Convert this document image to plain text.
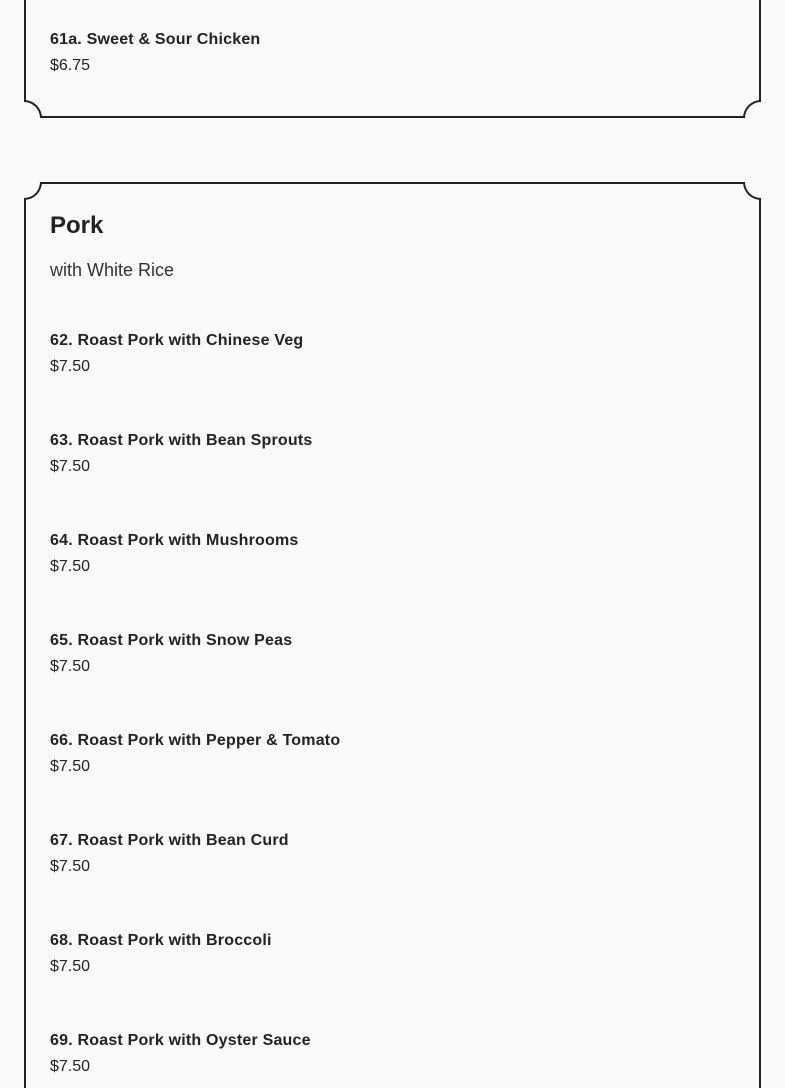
61a. Sweet & Sour Chicken
$6.75
Pork
with White Rice
62. Roast Pork with Chinese Veg
$7.50
63. Roast Pork with Bean Sprouts
$7.50
64. Roast Pork with Mushrooms
$7.50
65. Roast Pork with Snow Peas
$7.50
66. Roast Pork with Pepper & Tomato
$7.50
67. Roast Pork with Bean Curd
$7.50
68. Roast Pork with Broccoli
$7.50
69. Roast Pork with Oyster Sauce
$7.50
